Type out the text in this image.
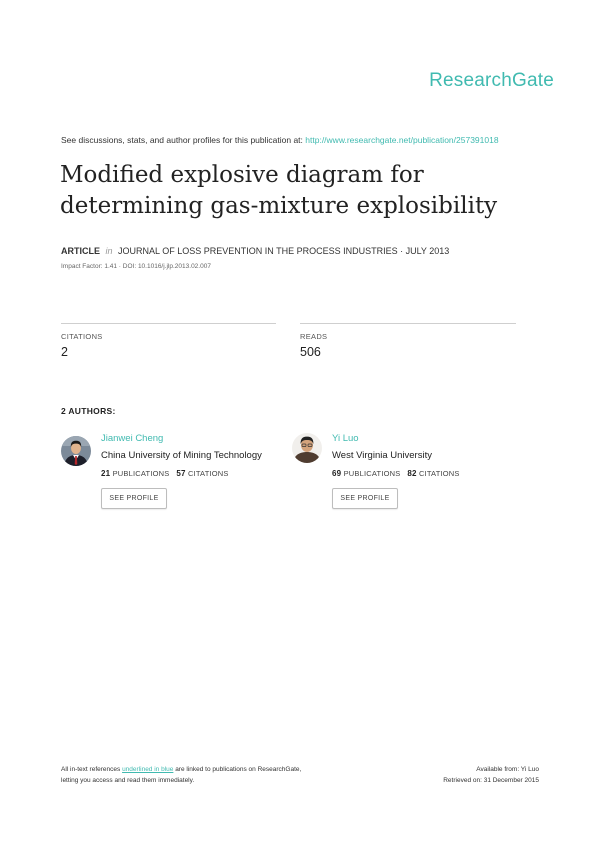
ResearchGate
See discussions, stats, and author profiles for this publication at: http://www.researchgate.net/publication/257391018
Modified explosive diagram for determining gas-mixture explosibility
ARTICLE in JOURNAL OF LOSS PREVENTION IN THE PROCESS INDUSTRIES · JULY 2013
Impact Factor: 1.41 · DOI: 10.1016/j.jlp.2013.02.007
CITATIONS
2
READS
506
2 AUTHORS:
Jianwei Cheng
China University of Mining Technology
21 PUBLICATIONS 57 CITATIONS
SEE PROFILE
Yi Luo
West Virginia University
69 PUBLICATIONS 82 CITATIONS
SEE PROFILE
All in-text references underlined in blue are linked to publications on ResearchGate,
letting you access and read them immediately.
Available from: Yi Luo
Retrieved on: 31 December 2015
